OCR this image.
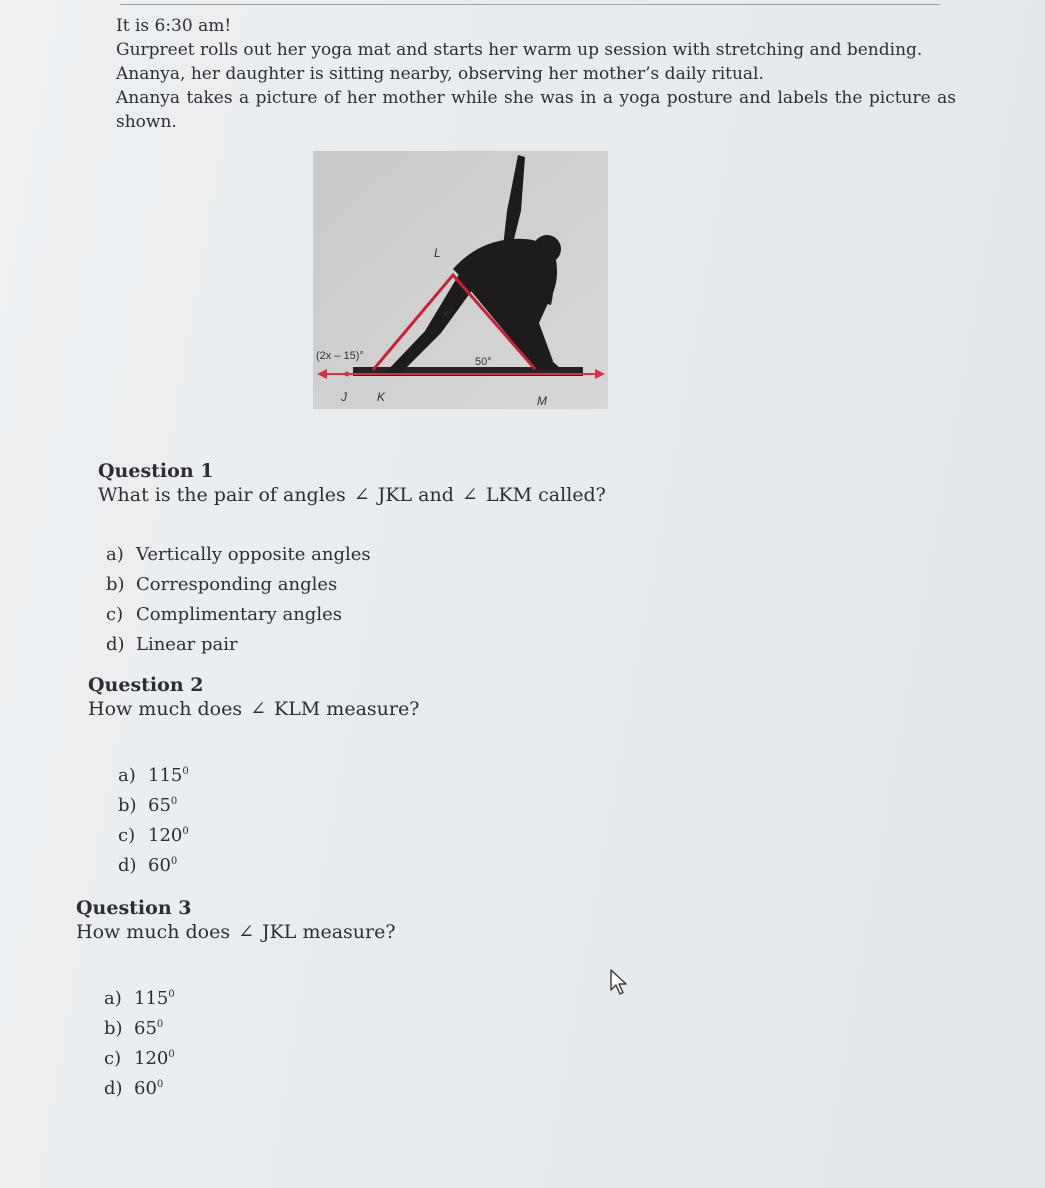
It is 6:30 am!

Gurpreet rolls out her yoga mat and starts her warm up session with stretching and bending.

Ananya, her daughter is sitting nearby, observing her mother’s daily ritual.

Ananya takes a picture of her mother while she was in a yoga posture and labels the picture as shown.

L
x°
(2x – 15)°	50°
J	K	M

Question 1

What is the pair of angles ∠ JKL and ∠ LKM called?

a) Vertically opposite angles
b) Corresponding angles
c) Complimentary angles
d) Linear pair

Question 2

How much does ∠ KLM measure?

a) $115^0$
b) $65^0$
c) $120^0$
d) $60^0$

Question 3

How much does ∠ JKL measure?

a) $115^0$
b) $65^0$
c) $120^0$
d) $60^0$
